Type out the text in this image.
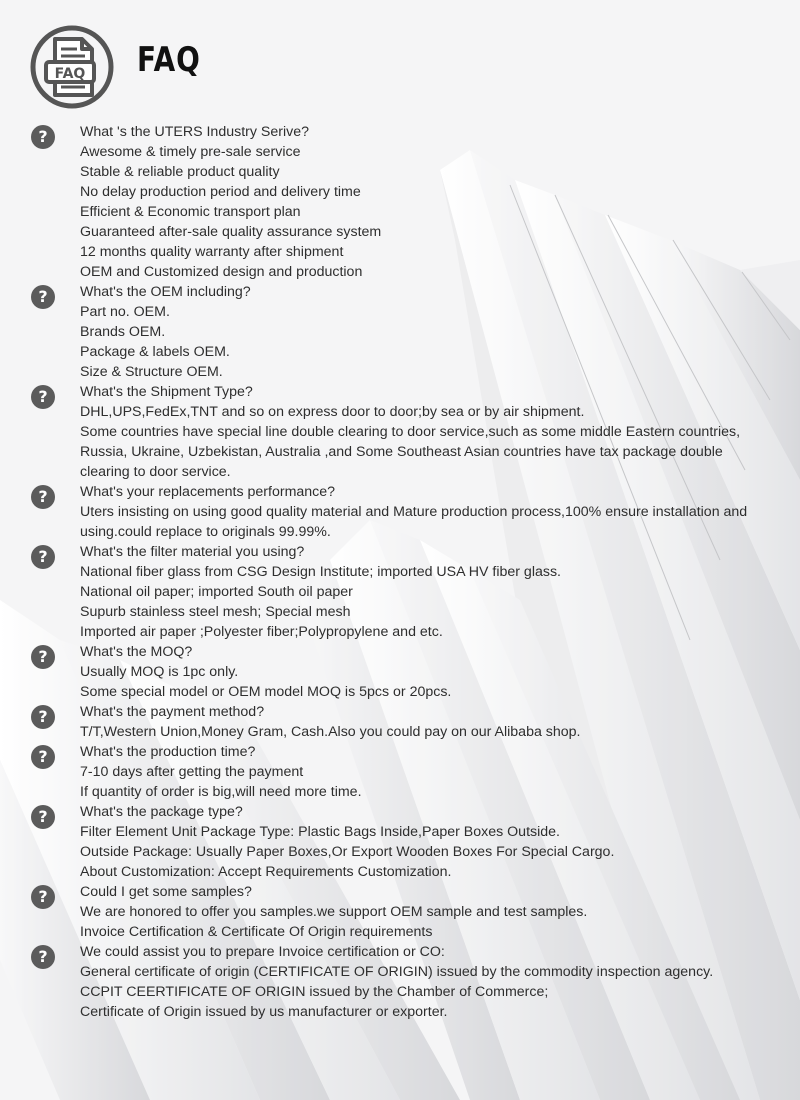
FAQ FAQ
?	What 's the UTERS Industry Serive?
Awesome & timely pre-sale service
Stable & reliable product quality
No delay production period and delivery time
Efficient & Economic transport plan
Guaranteed after-sale quality assurance system
12 months quality warranty after shipment
OEM and Customized design and production
?	What's the OEM including?
Part no. OEM.
Brands OEM.
Package & labels OEM.
Size & Structure OEM.
?	What's the Shipment Type?
DHL,UPS,FedEx,TNT and so on express door to door;by sea or by air shipment.
Some countries have special line double clearing to door service,such as some middle Eastern countries,
Russia, Ukraine, Uzbekistan, Australia ,and Some Southeast Asian countries have tax package double
clearing to door service.
?	What's your replacements performance?
Uters insisting on using good quality material and Mature production process,100% ensure installation and
using.could replace to originals 99.99%.
?	What's the filter material you using?
National fiber glass from CSG Design Institute; imported USA HV fiber glass.
National oil paper; imported South oil paper
Supurb stainless steel mesh; Special mesh
Imported air paper ;Polyester fiber;Polypropylene and etc.
?	What's the MOQ?
Usually MOQ is 1pc only.
Some special model or OEM model MOQ is 5pcs or 20pcs.
?	What's the payment method?
T/T,Western Union,Money Gram, Cash.Also you could pay on our Alibaba shop.
?	What's the production time?
7-10 days after getting the payment
If quantity of order is big,will need more time.
?	What's the package type?
Filter Element Unit Package Type: Plastic Bags Inside,Paper Boxes Outside.
Outside Package: Usually Paper Boxes,Or Export Wooden Boxes For Special Cargo.
About Customization: Accept Requirements Customization.
?	Could I get some samples?
We are honored to offer you samples.we support OEM sample and test samples.
Invoice Certification & Certificate Of Origin requirements
?	We could assist you to prepare Invoice certification or CO:
General certificate of origin (CERTIFICATE OF ORIGIN) issued by the commodity inspection agency.
CCPIT CEERTIFICATE OF ORIGIN issued by the Chamber of Commerce;
Certificate of Origin issued by us manufacturer or exporter.
